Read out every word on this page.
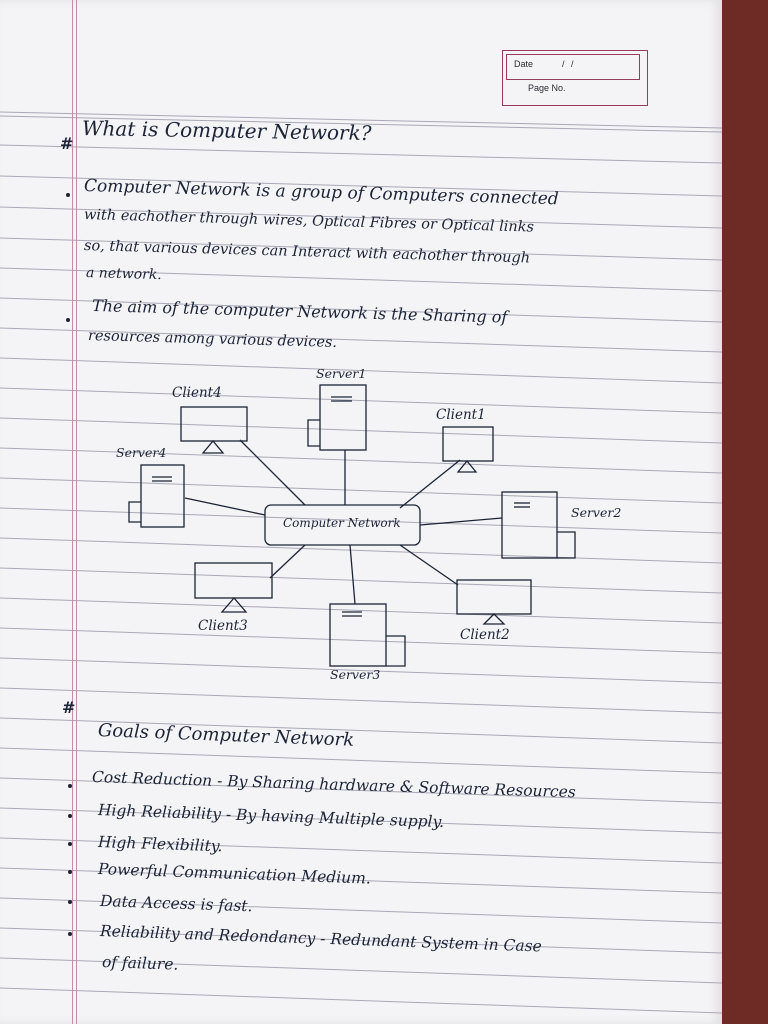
Date	/ /
Page No.
# What is Computer Network?
Computer Network is a group of Computers connected
with eachother through wires, Optical Fibres or Optical links
so, that various devices can Interact with eachother through
a network.
The aim of the computer Network is the Sharing of
resources among various devices.
Computer Network
Server1
Client4
Client1
Server4
Server2
Client3
Client2
Server3
#
Goals of Computer Network
Cost Reduction - By Sharing hardware & Software Resources
High Reliability - By having Multiple supply.
High Flexibility.
Powerful Communication Medium.
Data Access is fast.
Reliability and Redondancy - Redundant System in Case
of failure.
